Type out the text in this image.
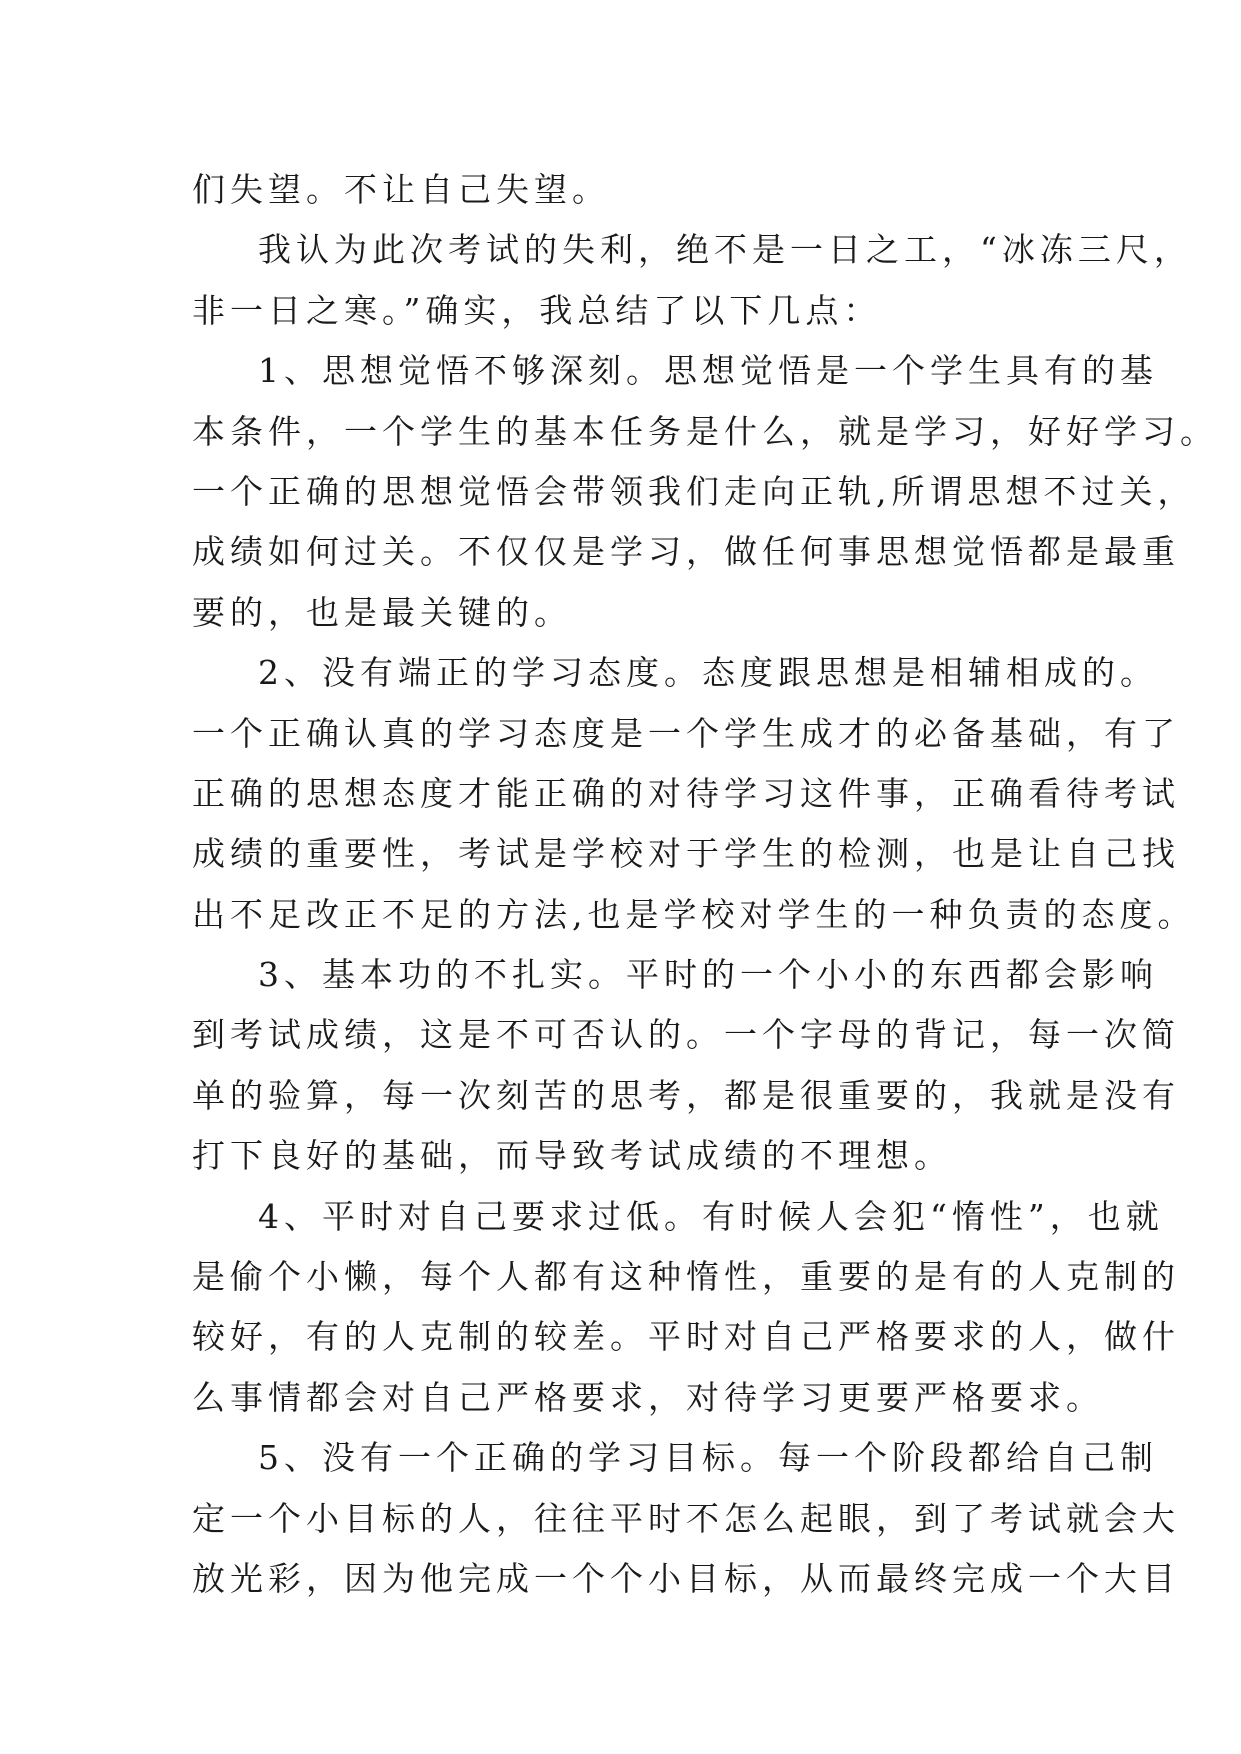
们失望。不让自己失望。

我认为此次考试的失利，绝不是一日之工，“冰冻三尺，
非一日之寒。”确实，我总结了以下几点：

1、思想觉悟不够深刻。思想觉悟是一个学生具有的基
本条件，一个学生的基本任务是什么，就是学习，好好学习。
一个正确的思想觉悟会带领我们走向正轨,所谓思想不过关，
成绩如何过关。不仅仅是学习，做任何事思想觉悟都是最重
要的，也是最关键的。

2、没有端正的学习态度。态度跟思想是相辅相成的。
一个正确认真的学习态度是一个学生成才的必备基础，有了
正确的思想态度才能正确的对待学习这件事，正确看待考试
成绩的重要性，考试是学校对于学生的检测，也是让自己找
出不足改正不足的方法,也是学校对学生的一种负责的态度。

3、基本功的不扎实。平时的一个小小的东西都会影响
到考试成绩，这是不可否认的。一个字母的背记，每一次简
单的验算，每一次刻苦的思考，都是很重要的，我就是没有
打下良好的基础，而导致考试成绩的不理想。

4、平时对自己要求过低。有时候人会犯“惰性”，也就
是偷个小懒，每个人都有这种惰性，重要的是有的人克制的
较好，有的人克制的较差。平时对自己严格要求的人，做什
么事情都会对自己严格要求，对待学习更要严格要求。

5、没有一个正确的学习目标。每一个阶段都给自己制
定一个小目标的人，往往平时不怎么起眼，到了考试就会大
放光彩，因为他完成一个个小目标，从而最终完成一个大目
